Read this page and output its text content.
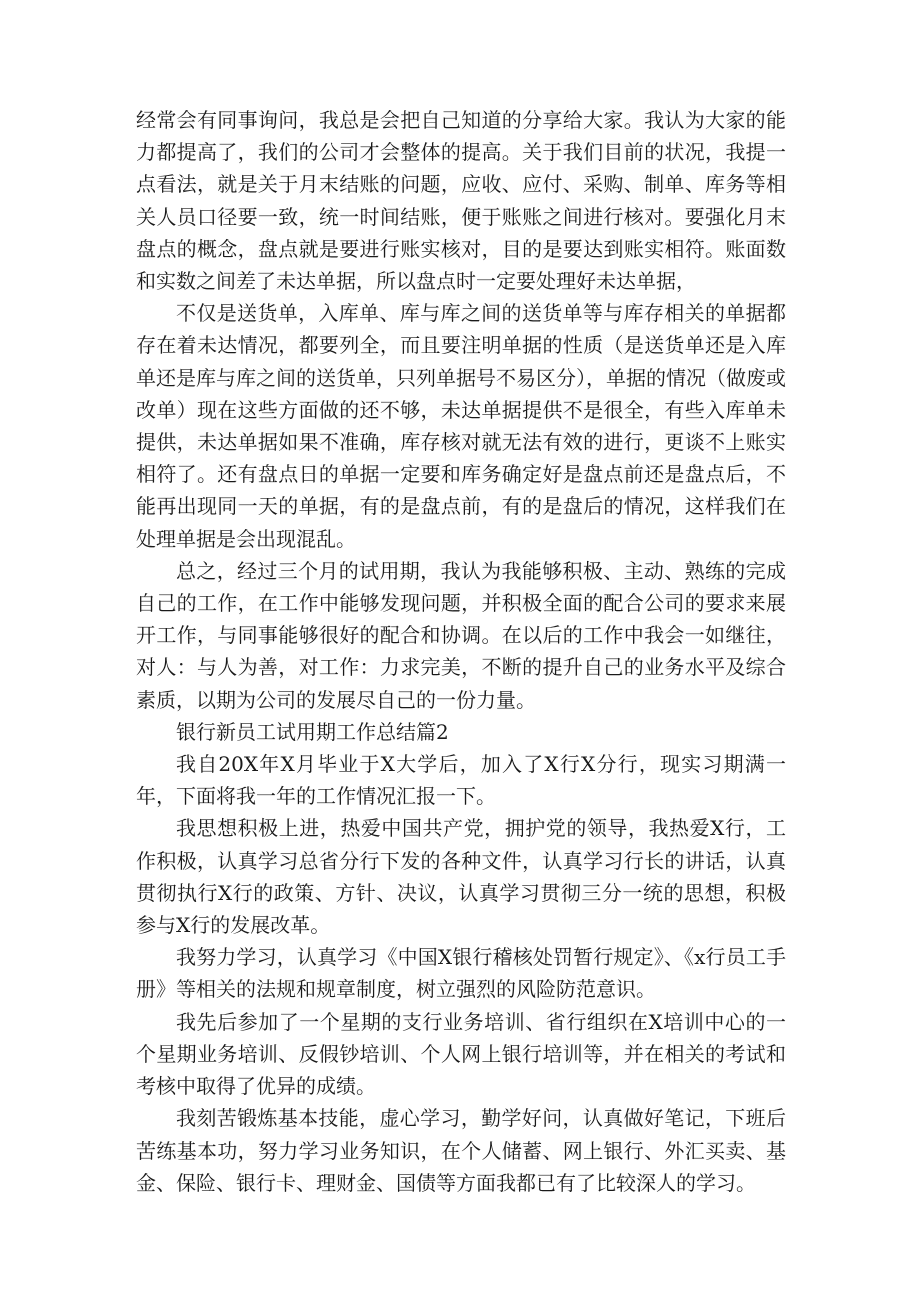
经常会有同事询问，我总是会把自己知道的分享给大家。我认为大家的能力都提高了，我们的公司才会整体的提高。关于我们目前的状况，我提一点看法，就是关于月末结账的问题，应收、应付、采购、制单、库务等相关人员口径要一致，统一时间结账，便于账账之间进行核对。要强化月末盘点的概念，盘点就是要进行账实核对，目的是要达到账实相符。账面数和实数之间差了未达单据，所以盘点时一定要处理好未达单据，

不仅是送货单，入库单、库与库之间的送货单等与库存相关的单据都存在着未达情况，都要列全，而且要注明单据的性质（是送货单还是入库单还是库与库之间的送货单，只列单据号不易区分），单据的情况（做废或改单）现在这些方面做的还不够，未达单据提供不是很全，有些入库单未提供，未达单据如果不准确，库存核对就无法有效的进行，更谈不上账实相符了。还有盘点日的单据一定要和库务确定好是盘点前还是盘点后，不能再出现同一天的单据，有的是盘点前，有的是盘后的情况，这样我们在处理单据是会出现混乱。

总之，经过三个月的试用期，我认为我能够积极、主动、熟练的完成自己的工作，在工作中能够发现问题，并积极全面的配合公司的要求来展开工作，与同事能够很好的配合和协调。在以后的工作中我会一如继往，对人：与人为善，对工作：力求完美，不断的提升自己的业务水平及综合素质，以期为公司的发展尽自己的一份力量。

银行新员工试用期工作总结篇2

我自20X年X月毕业于X大学后，加入了X行X分行，现实习期满一年，下面将我一年的工作情况汇报一下。

我思想积极上进，热爱中国共产党，拥护党的领导，我热爱X行，工作积极，认真学习总省分行下发的各种文件，认真学习行长的讲话，认真贯彻执行X行的政策、方针、决议，认真学习贯彻三分一统的思想，积极参与X行的发展改革。

我努力学习，认真学习《中国X银行稽核处罚暂行规定》、《x行员工手册》等相关的法规和规章制度，树立强烈的风险防范意识。

我先后参加了一个星期的支行业务培训、省行组织在X培训中心的一个星期业务培训、反假钞培训、个人网上银行培训等，并在相关的考试和考核中取得了优异的成绩。

我刻苦锻炼基本技能，虚心学习，勤学好问，认真做好笔记，下班后苦练基本功，努力学习业务知识，在个人储蓄、网上银行、外汇买卖、基金、保险、银行卡、理财金、国债等方面我都已有了比较深人的学习。
